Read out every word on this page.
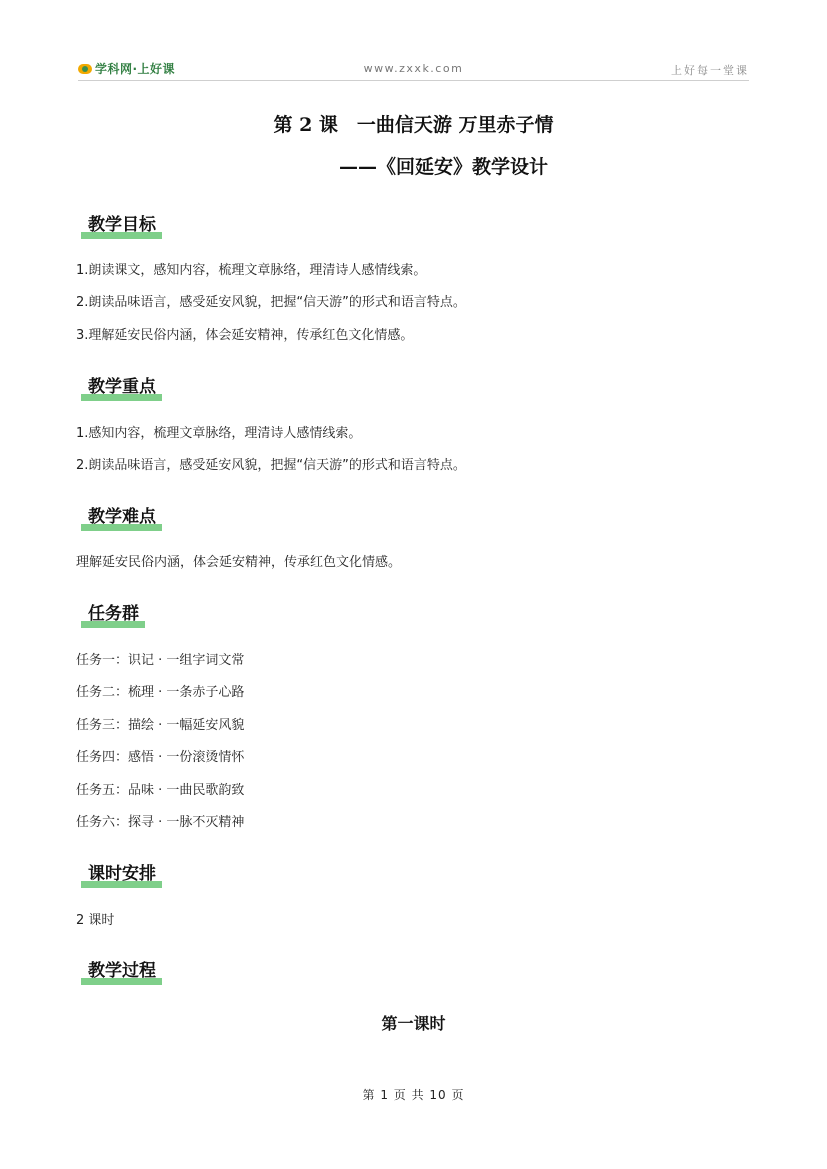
学科网·上好课	www.zxxk.com	上好每一堂课
第 2 课　一曲信天游 万里赤子情
——《回延安》教学设计
教学目标
1.朗读课文，感知内容，梳理文章脉络，理清诗人感情线索。
2.朗读品味语言，感受延安风貌，把握“信天游”的形式和语言特点。
3.理解延安民俗内涵，体会延安精神，传承红色文化情感。
教学重点
1.感知内容，梳理文章脉络，理清诗人感情线索。
2.朗读品味语言，感受延安风貌，把握“信天游”的形式和语言特点。
教学难点
理解延安民俗内涵，体会延安精神，传承红色文化情感。
任务群
任务一：识记 · 一组字词文常
任务二：梳理 · 一条赤子心路
任务三：描绘 · 一幅延安风貌
任务四：感悟 · 一份滚烫情怀
任务五：品味 · 一曲民歌韵致
任务六：探寻 · 一脉不灭精神
课时安排
2 课时
教学过程
第一课时
第 1 页 共 10 页
